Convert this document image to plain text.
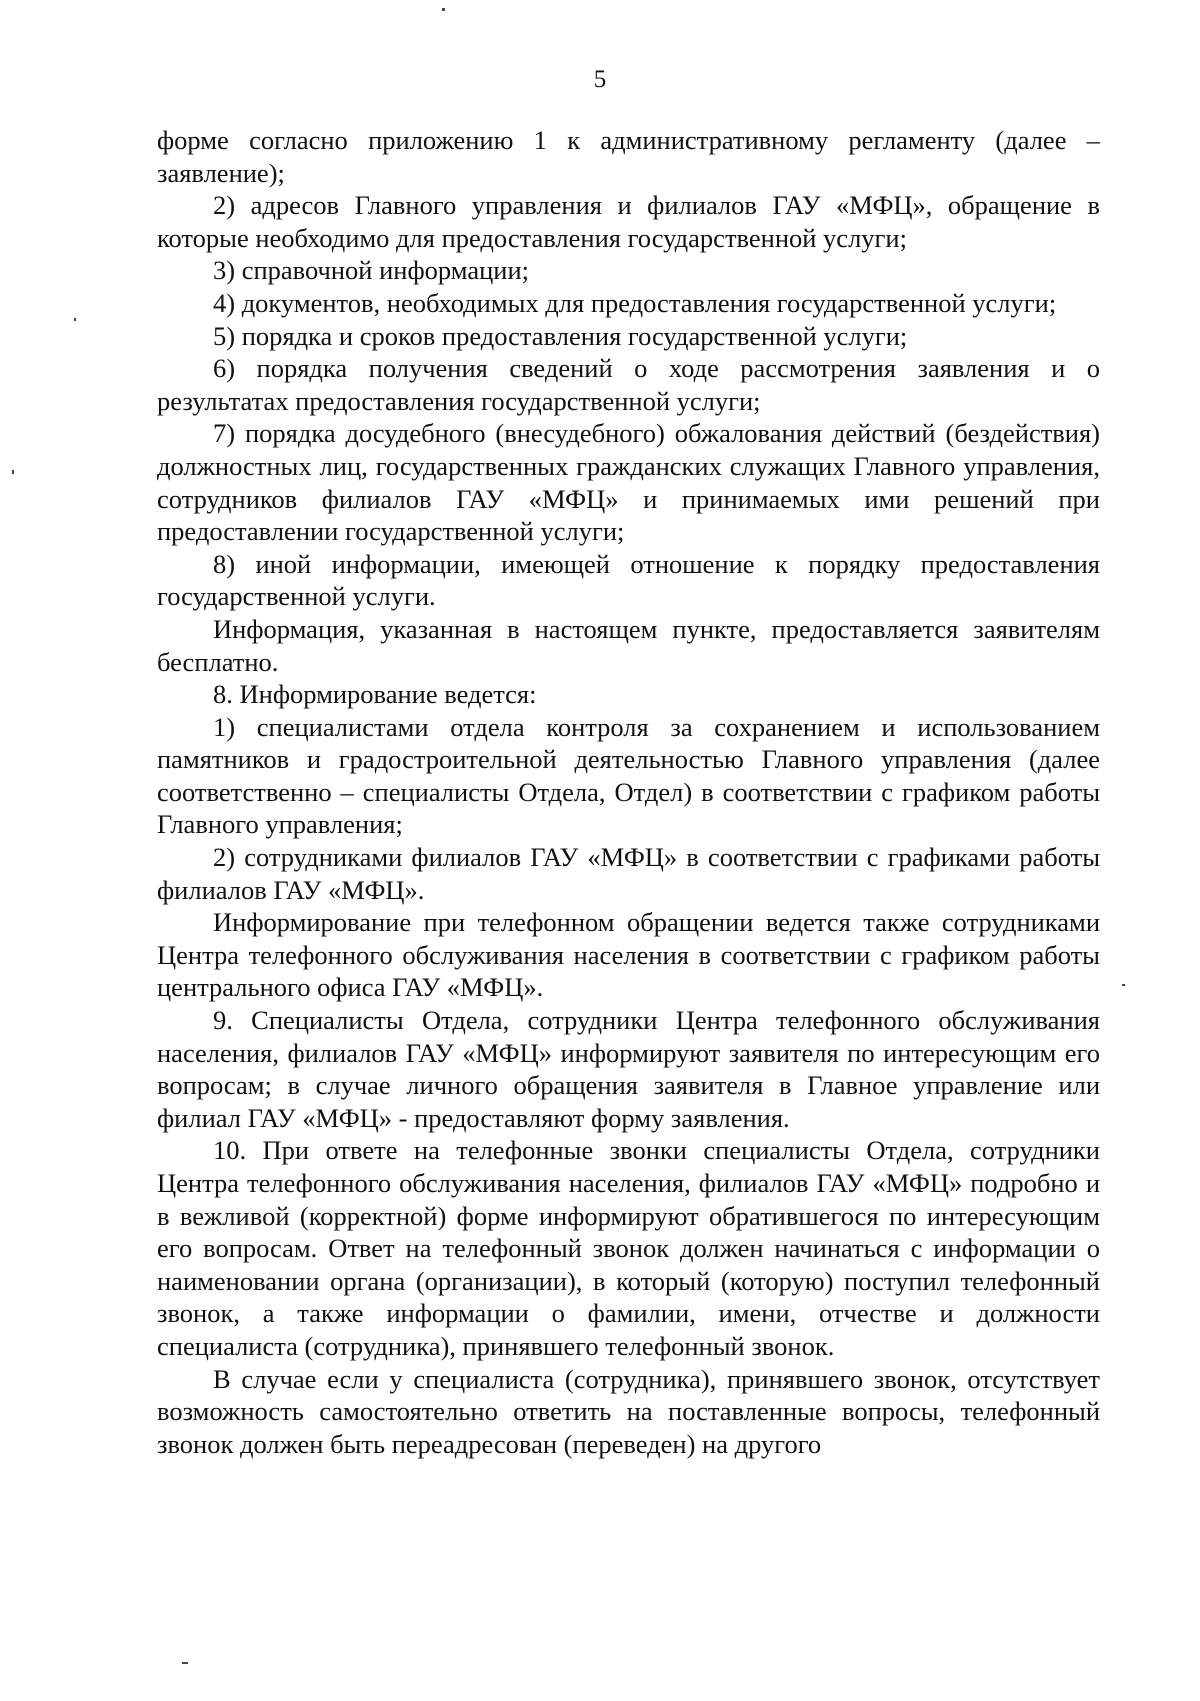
5

форме согласно приложению 1 к административному регламенту (далее – заявление);

2) адресов Главного управления и филиалов ГАУ «МФЦ», обращение в которые необходимо для предоставления государственной услуги;

3) справочной информации;

4) документов, необходимых для предоставления государственной услуги;

5) порядка и сроков предоставления государственной услуги;

6) порядка получения сведений о ходе рассмотрения заявления и о результатах предоставления государственной услуги;

7) порядка досудебного (внесудебного) обжалования действий (бездействия) должностных лиц, государственных гражданских служащих Главного управления, сотрудников филиалов ГАУ «МФЦ» и принимаемых ими решений при предоставлении государственной услуги;

8) иной информации, имеющей отношение к порядку предоставления государственной услуги.

Информация, указанная в настоящем пункте, предоставляется заявителям бесплатно.

8. Информирование ведется:

1) специалистами отдела контроля за сохранением и использованием памятников и градостроительной деятельностью Главного управления (далее соответственно – специалисты Отдела, Отдел) в соответствии с графиком работы Главного управления;

2) сотрудниками филиалов ГАУ «МФЦ» в соответствии с графиками работы филиалов ГАУ «МФЦ».

Информирование при телефонном обращении ведется также сотрудниками Центра телефонного обслуживания населения в соответствии с графиком работы центрального офиса ГАУ «МФЦ».

9. Специалисты Отдела, сотрудники Центра телефонного обслуживания населения, филиалов ГАУ «МФЦ» информируют заявителя по интересующим его вопросам; в случае личного обращения заявителя в Главное управление или филиал ГАУ «МФЦ» - предоставляют форму заявления.

10. При ответе на телефонные звонки специалисты Отдела, сотрудники Центра телефонного обслуживания населения, филиалов ГАУ «МФЦ» подробно и в вежливой (корректной) форме информируют обратившегося по интересующим его вопросам. Ответ на телефонный звонок должен начинаться с информации о наименовании органа (организации), в который (которую) поступил телефонный звонок, а также информации о фамилии, имени, отчестве и должности специалиста (сотрудника), принявшего телефонный звонок.

В случае если у специалиста (сотрудника), принявшего звонок, отсутствует возможность самостоятельно ответить на поставленные вопросы, телефонный звонок должен быть переадресован (переведен) на другого
